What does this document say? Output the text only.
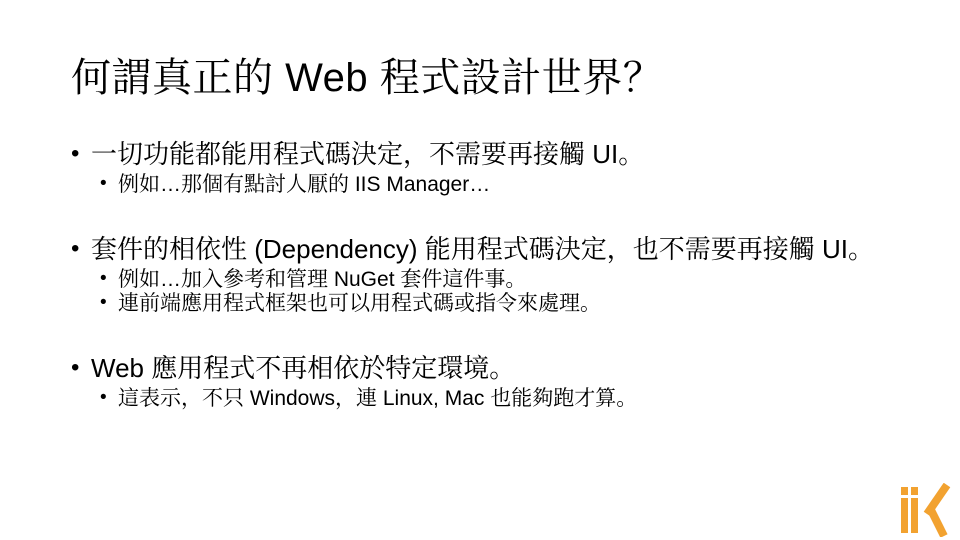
何謂真正的 Web 程式設計世界？
• 一切功能都能用程式碼決定，不需要再接觸 UI。
• 例如…那個有點討人厭的 IIS Manager…
• 套件的相依性 (Dependency) 能用程式碼決定，也不需要再接觸 UI。
• 例如…加入參考和管理 NuGet 套件這件事。
• 連前端應用程式框架也可以用程式碼或指令來處理。
• Web 應用程式不再相依於特定環境。
• 這表示，不只 Windows，連 Linux, Mac 也能夠跑才算。
